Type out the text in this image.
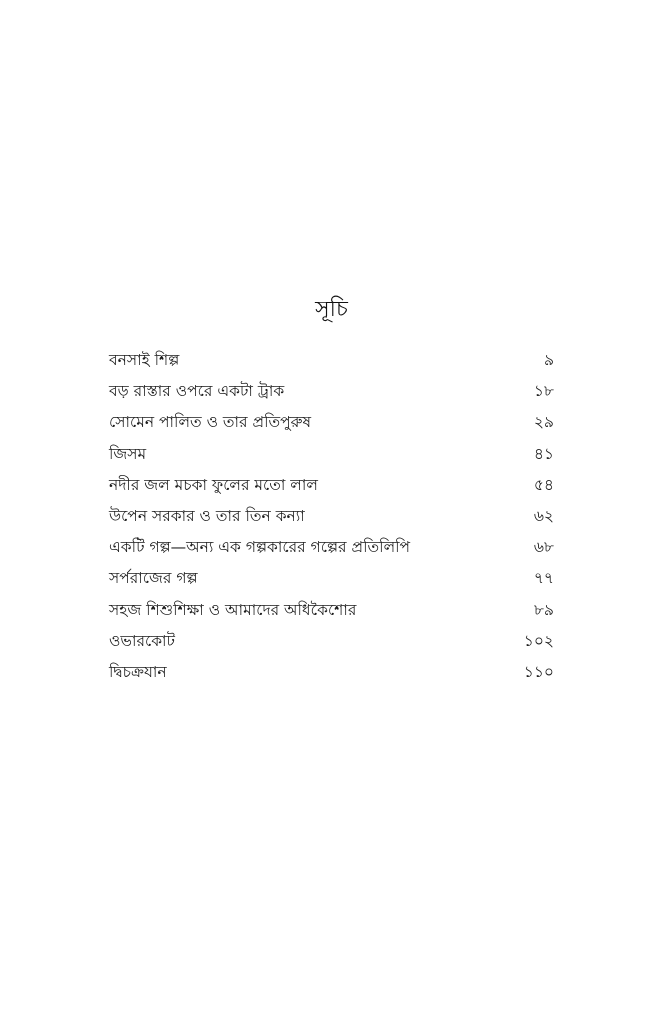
সূচি
বনসাই শিল্প	৯
বড় রাস্তার ওপরে একটা ট্রাক	১৮
সোমেন পালিত ও তার প্রতিপুরুষ	২৯
জিসম	৪১
নদীর জল মচকা ফুলের মতো লাল	৫৪
উপেন সরকার ও তার তিন কন্যা	৬২
একটি গল্প—অন্য এক গল্পকারের গল্পের প্রতিলিপি	৬৮
সর্পরাজের গল্প	৭৭
সহজ শিশুশিক্ষা ও আমাদের অধিকৈশোর	৮৯
ওভারকোট	১০২
দ্বিচক্রযান	১১০
